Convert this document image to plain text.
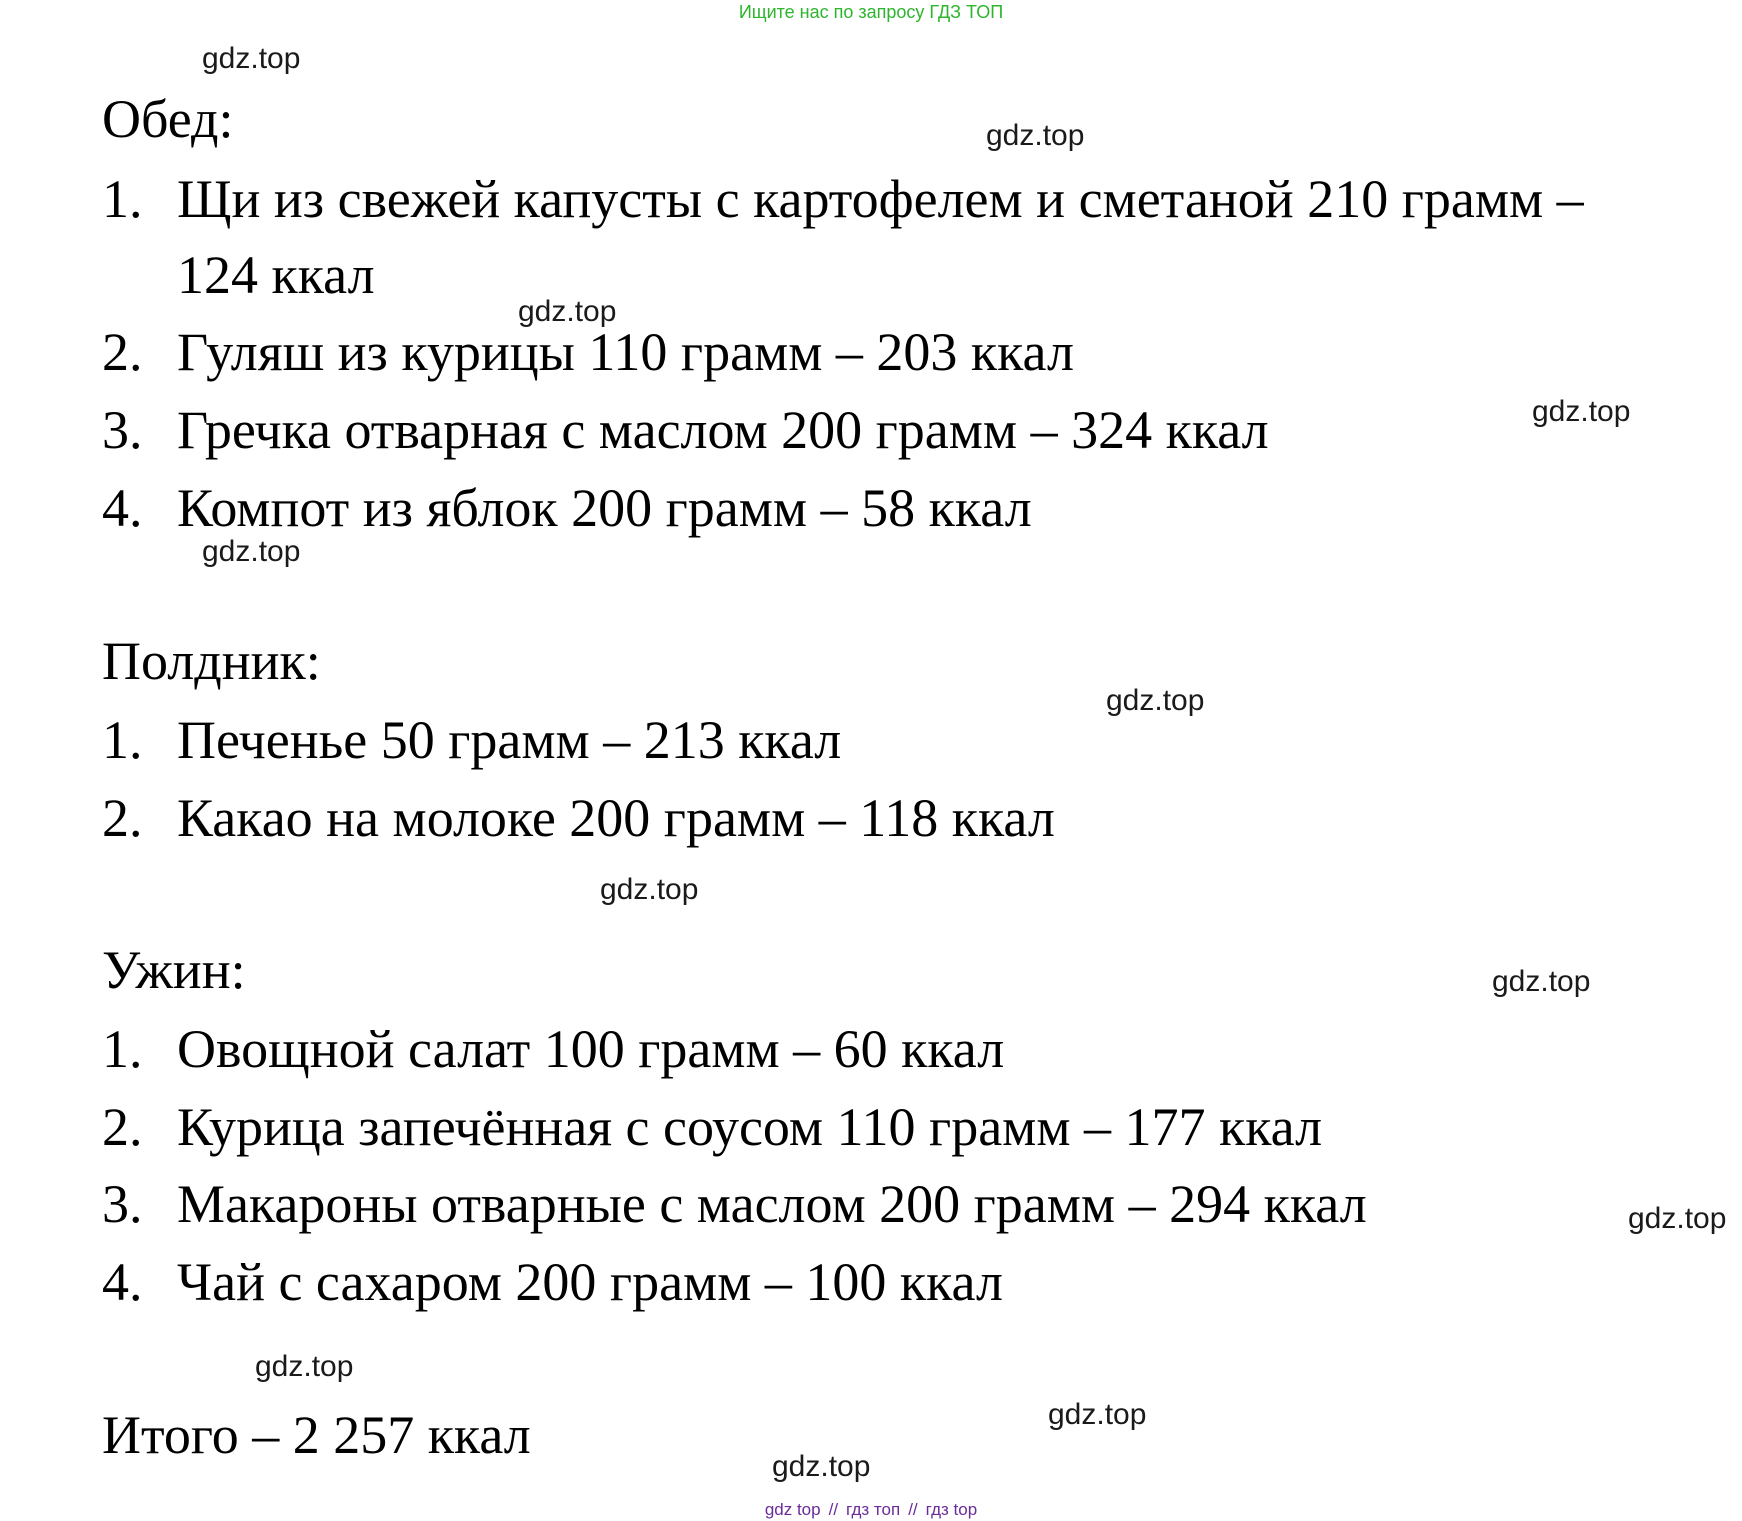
Ищите нас по запросу ГДЗ ТОП
Обед:
1. Щи из свежей капусты с картофелем и сметаной 210 грамм –
124 ккал
2. Гуляш из курицы 110 грамм – 203 ккал
3. Гречка отварная с маслом 200 грамм – 324 ккал
4. Компот из яблок 200 грамм – 58 ккал
Полдник:
1. Печенье 50 грамм – 213 ккал
2. Какао на молоке 200 грамм – 118 ккал
Ужин:
1. Овощной салат 100 грамм – 60 ккал
2. Курица запечённая с соусом 110 грамм – 177 ккал
3. Макароны отварные с маслом 200 грамм – 294 ккал
4. Чай с сахаром 200 грамм – 100 ккал
Итого – 2 257 ккал
gdz.top
gdz.top
gdz.top
gdz.top
gdz.top
gdz.top
gdz.top
gdz.top
gdz.top
gdz.top
gdz.top
gdz.top
gdz top // гдз топ // гдз top
